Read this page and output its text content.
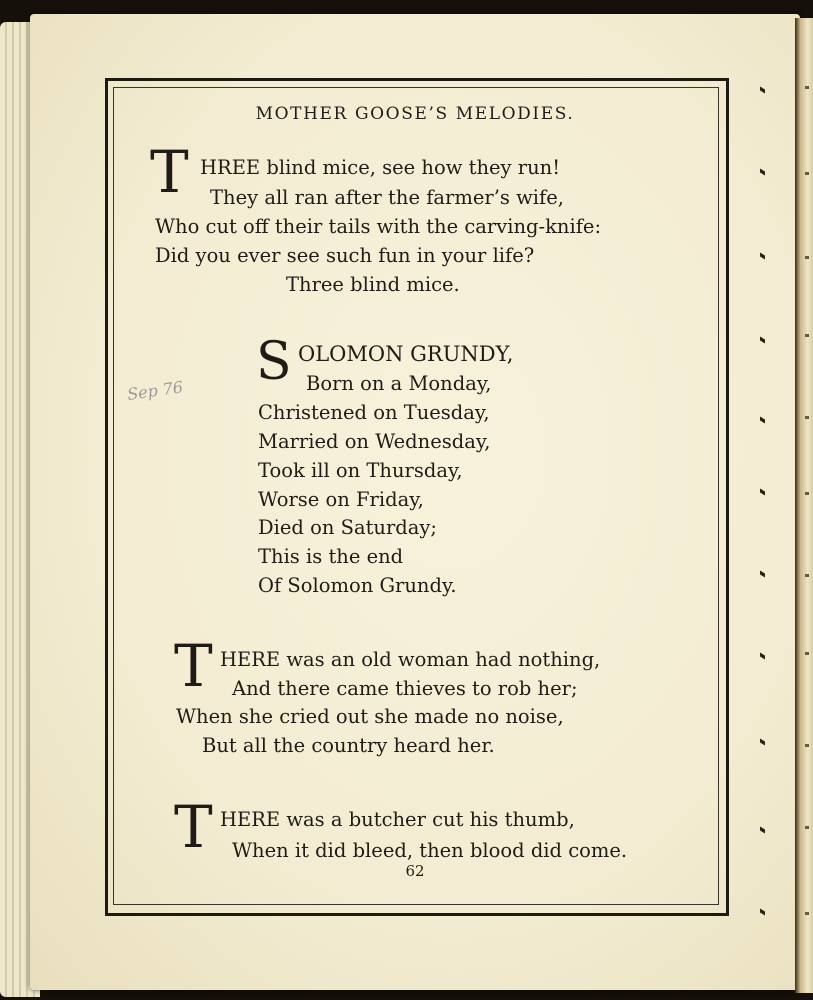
MOTHER GOOSE’S MELODIES.
T HREE blind mice, see how they run!
They all ran after the farmer’s wife,
Who cut off their tails with the carving-knife:
Did you ever see such fun in your life?
Three blind mice.
S OLOMON GRUNDY,
Born on a Monday,
Christened on Tuesday,
Married on Wednesday,
Took ill on Thursday,
Worse on Friday,
Died on Saturday;
This is the end
Of Solomon Grundy.
T HERE was an old woman had nothing,
And there came thieves to rob her;
When she cried out she made no noise,
But all the country heard her.
T HERE was a butcher cut his thumb,
When it did bleed, then blood did come.
62
Sep 76
